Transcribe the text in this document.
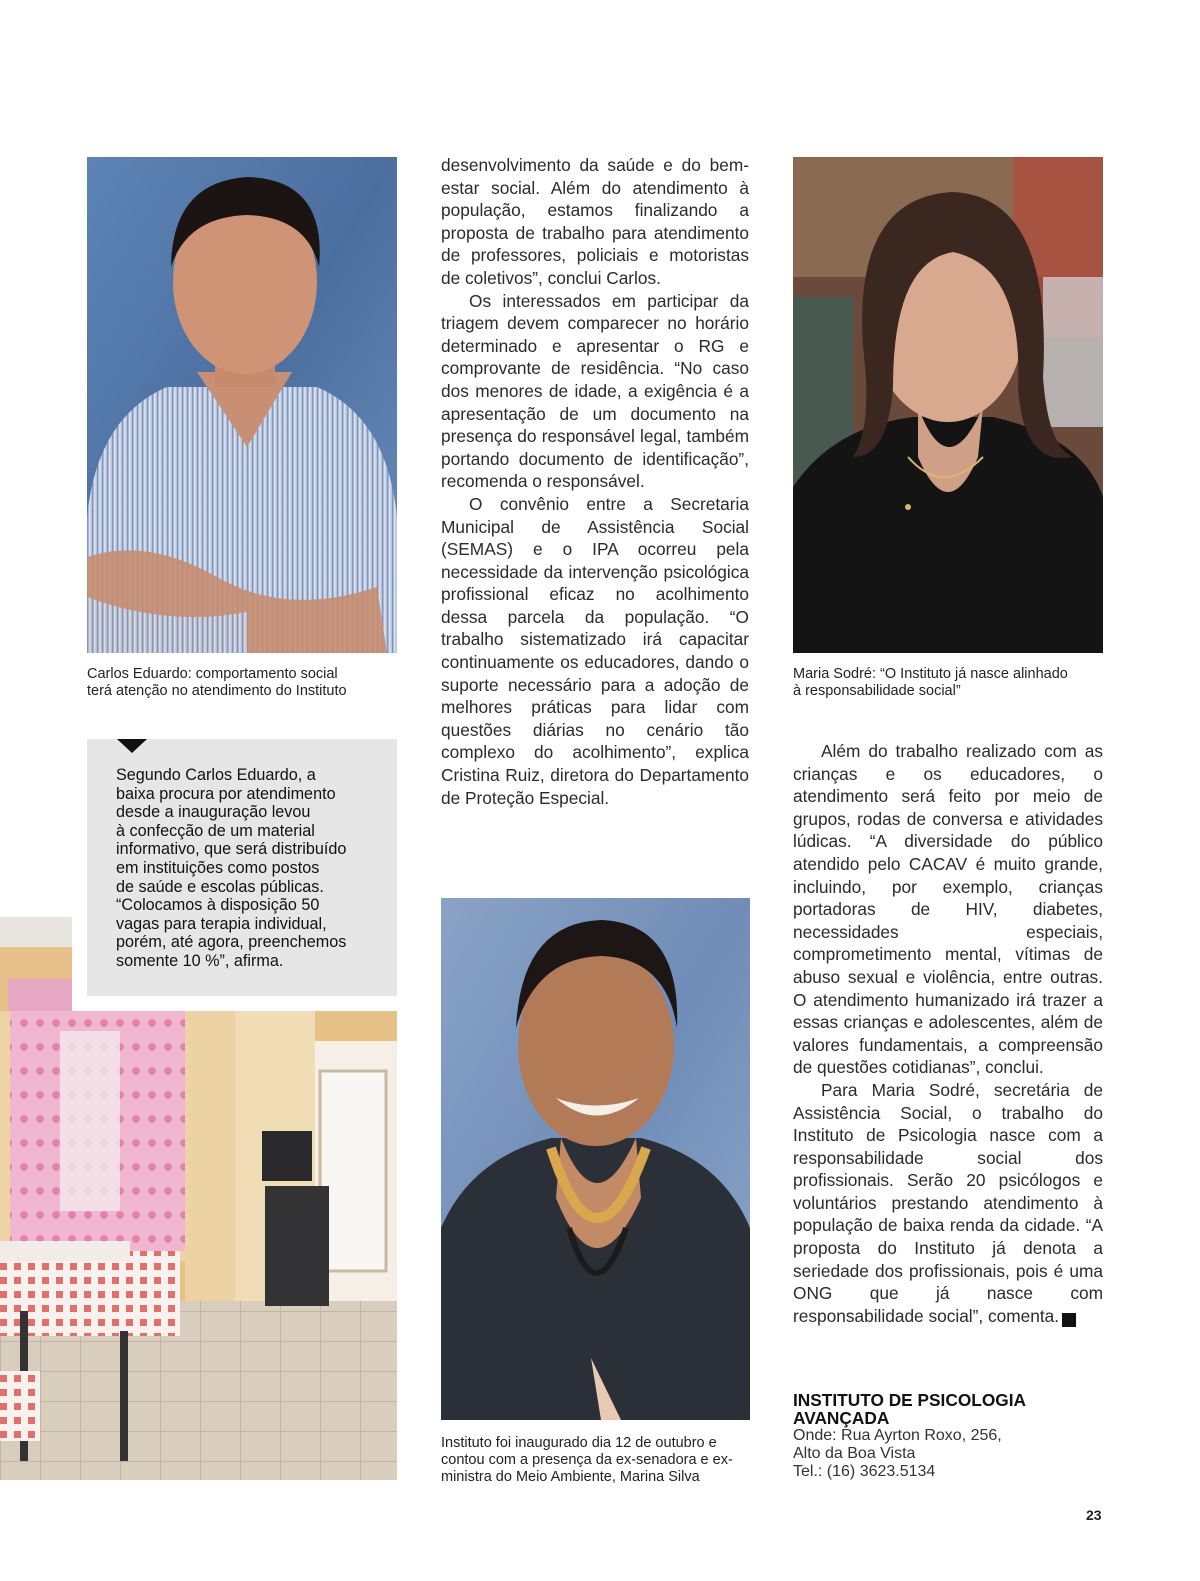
Carlos Eduardo: comportamento social
terá atenção no atendimento do Instituto
Segundo Carlos Eduardo, a
baixa procura por atendimento
desde a inauguração levou
à confecção de um material
informativo, que será distribuído
em instituições como postos
de saúde e escolas públicas.
“Colocamos à disposição 50
vagas para terapia individual,
porém, até agora, preenchemos
somente 10 %”, afirma.

desenvolvimento da saúde e do bem-estar social. Além do atendimento à população, estamos finalizando a proposta de trabalho para atendimento de professores, policiais e motoristas de coletivos”, conclui Carlos.

Os interessados em participar da triagem devem comparecer no horário determinado e apresentar o RG e comprovante de residência. “No caso dos menores de idade, a exigência é a apresentação de um documento na presença do responsável legal, também portando documento de identificação”, recomenda o responsável.

O convênio entre a Secretaria Municipal de Assistência Social (SEMAS) e o IPA ocorreu pela necessidade da intervenção psicológica profissional eficaz no acolhimento dessa parcela da população. “O trabalho sistematizado irá capacitar continuamente os educadores, dando o suporte necessário para a adoção de melhores práticas para lidar com questões diárias no cenário tão complexo do acolhimento”, explica Cristina Ruiz, diretora do Departamento de Proteção Especial.

Instituto foi inaugurado dia 12 de outubro e
contou com a presença da ex-senadora e ex-
ministra do Meio Ambiente, Marina Silva
Maria Sodré: “O Instituto já nasce alinhado
à responsabilidade social”

Além do trabalho realizado com as crianças e os educadores, o atendimento será feito por meio de grupos, rodas de conversa e atividades lúdicas. “A diversidade do público atendido pelo CACAV é muito grande, incluindo, por exemplo, crianças portadoras de HIV, diabetes, necessidades especiais, comprometimento mental, vítimas de abuso sexual e violência, entre outras. O atendimento humanizado irá trazer a essas crianças e adolescentes, além de valores fundamentais, a compreensão de questões cotidianas”, conclui.

Para Maria Sodré, secretária de Assistência Social, o trabalho do Instituto de Psicologia nasce com a responsabilidade social dos profissionais. Serão 20 psicólogos e voluntários prestando atendimento à população de baixa renda da cidade. “A proposta do Instituto já denota a seriedade dos profissionais, pois é uma ONG que já nasce com responsabilidade social”, comenta.	r

INSTITUTO DE PSICOLOGIA
AVANÇADA
Onde: Rua Ayrton Roxo, 256,
Alto da Boa Vista
Tel.: (16) 3623.5134
23
